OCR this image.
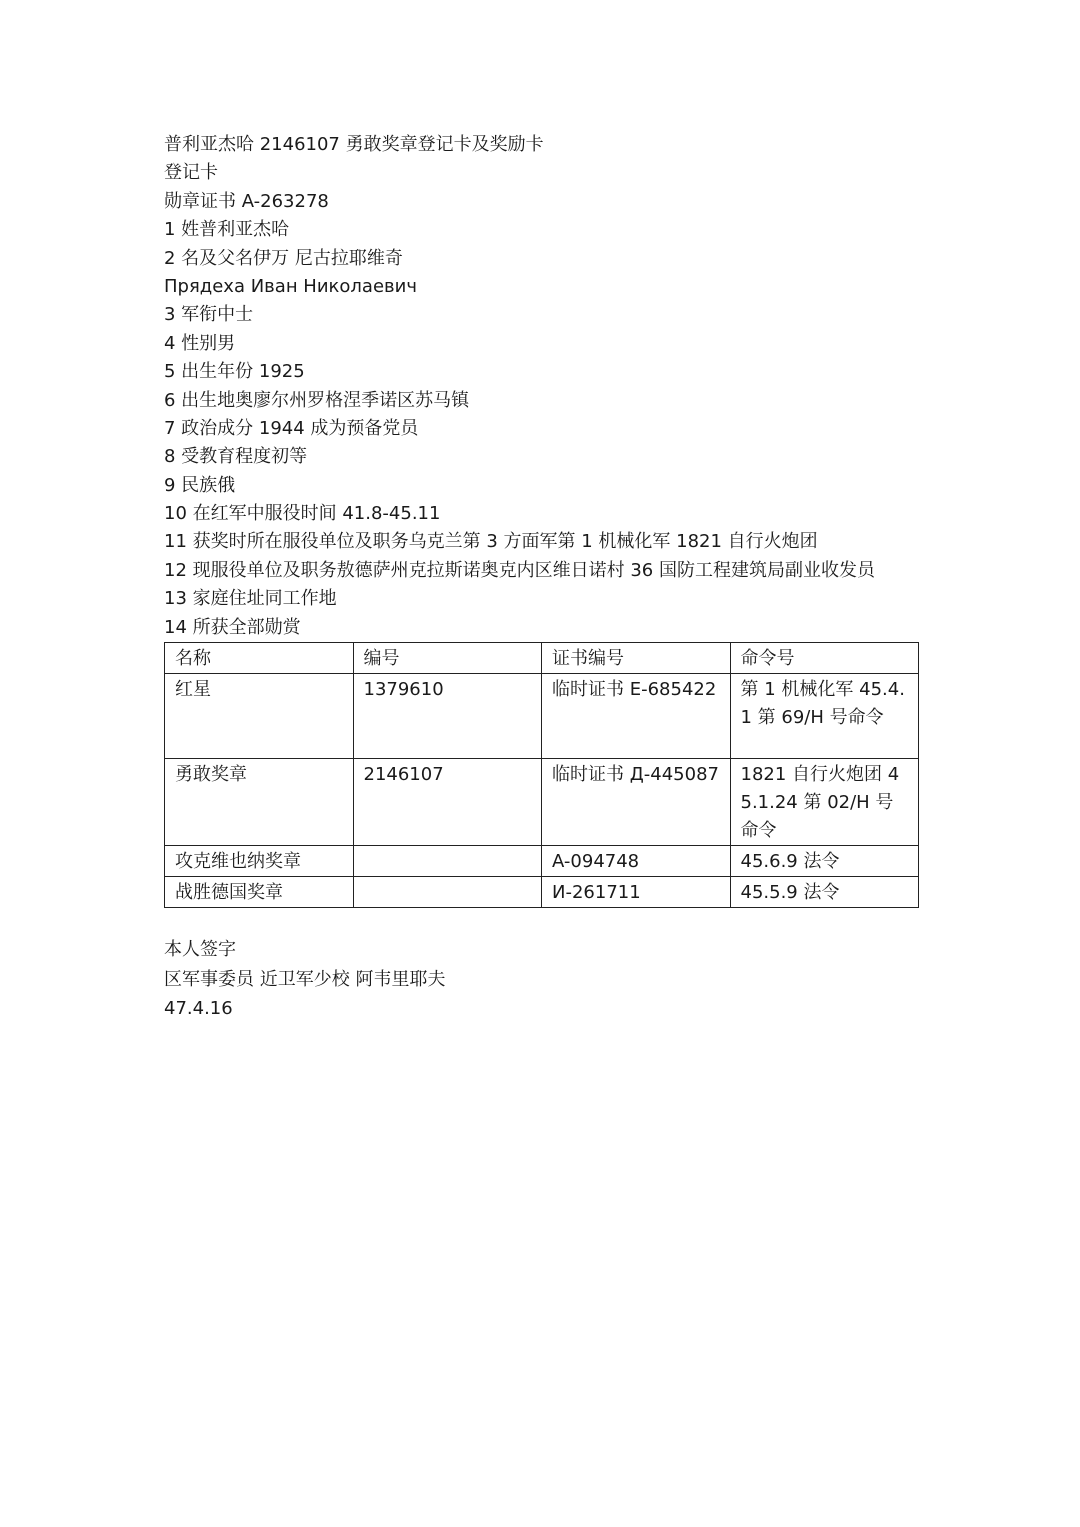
普利亚杰哈 2146107 勇敢奖章登记卡及奖励卡
登记卡
勋章证书 A-263278
1 姓普利亚杰哈
2 名及父名伊万 尼古拉耶维奇
Прядеха Иван Николаевич
3 军衔中士
4 性别男
5 出生年份 1925
6 出生地奥廖尔州罗格涅季诺区苏马镇
7 政治成分 1944 成为预备党员
8 受教育程度初等
9 民族俄
10 在红军中服役时间 41.8-45.11
11 获奖时所在服役单位及职务乌克兰第 3 方面军第 1 机械化军 1821 自行火炮团
12 现服役单位及职务敖德萨州克拉斯诺奥克内区维日诺村 36 国防工程建筑局副业收发员
13 家庭住址同工作地
14 所获全部勋赏
名称	编号	证书编号	命令号
红星	1379610	临时证书 E-685422	第 1 机械化军 45.4.1 第 69/H 号命令
勇敢奖章	2146107	临时证书 Д-445087	1821 自行火炮团 45.1.24 第 02/H 号命令
攻克维也纳奖章		A-094748	45.6.9 法令
战胜德国奖章		И-261711	45.5.9 法令
本人签字
区军事委员 近卫军少校 阿韦里耶夫
47.4.16
